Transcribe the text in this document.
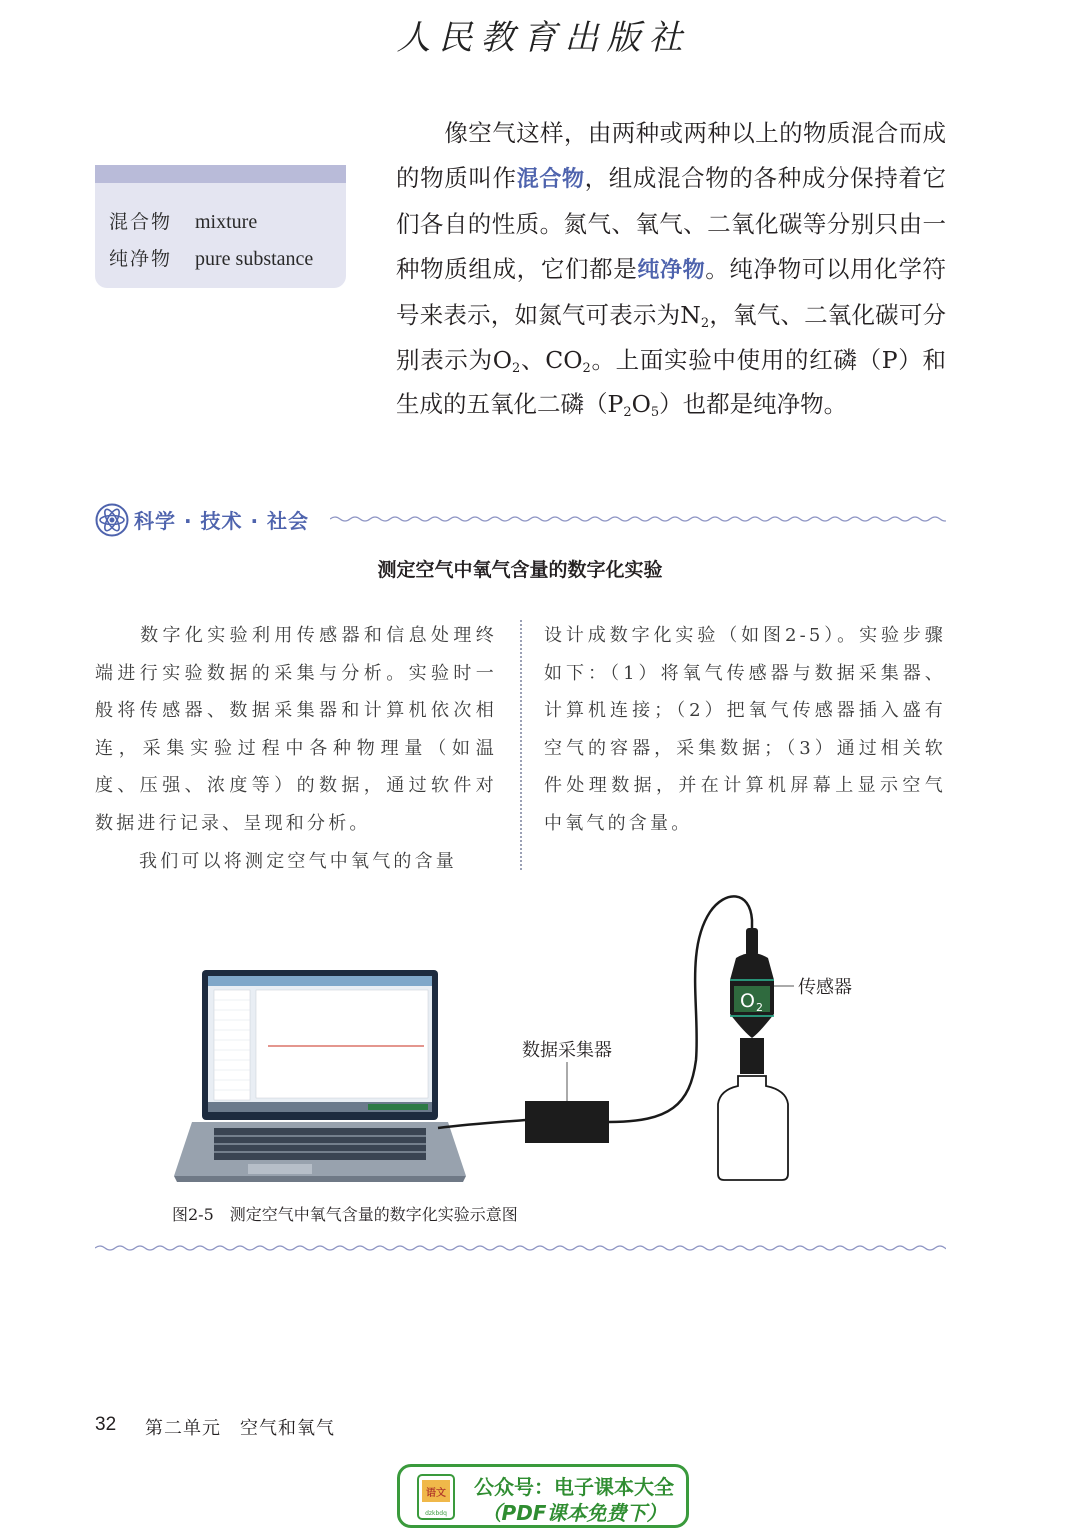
人民教育出版社
混合物 mixture
纯净物 pure substance
像空气这样，由两种或两种以上的物质混合而成的物质叫作混合物，组成混合物的各种成分保持着它们各自的性质。氮气、氧气、二氧化碳等分别只由一种物质组成，它们都是纯净物。纯净物可以用化学符号来表示，如氮气可表示为$N_2$，氧气、二氧化碳可分别表示为$O_2$、$CO_2$。上面实验中使用的红磷（P）和生成的五氧化二磷$(P_2O_5)$也都是纯净物。
科学 · 技术 · 社会
测定空气中氧气含量的数字化实验

数字化实验利用传感器和信息处理终端进行实验数据的采集与分析。实验时一般将传感器、数据采集器和计算机依次相连，采集实验过程中各种物理量（如温度、压强、浓度等）的数据，通过软件对数据进行记录、呈现和分析。

我们可以将测定空气中氧气的含量

设计成数字化实验（如图2-5）。实验步骤如下：（1）将氧气传感器与数据采集器、计算机连接；（2）把氧气传感器插入盛有空气的容器，采集数据；（3）通过相关软件处理数据，并在计算机屏幕上显示空气中氧气的含量。

数据采集器
O 2
传感器
图2-5　测定空气中氧气含量的数字化实验示意图
32 第二单元　空气和氧气
语文
dzkbdq
公众号：电子课本大全
（PDF课本免费下）
